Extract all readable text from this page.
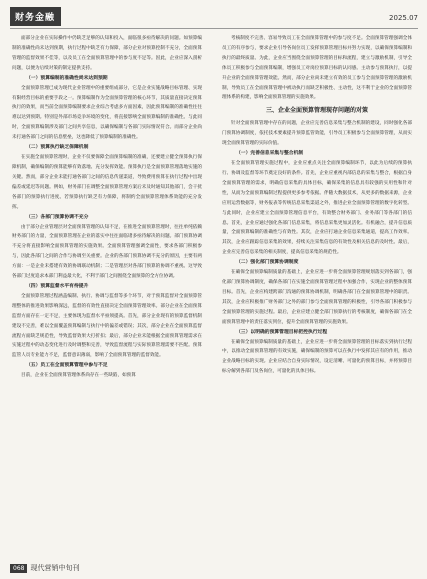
财务金融	2025.07

面部分企业在实际操作中仍缺乏足够的认知和投入，面临很多亟待解决的问题。如预算编制的准确性尚未达到预期，执行过程中缺乏有力保障，部分企业对预算控制不充分，全面预算管理的监督效果不佳等，以及员工在全面预算管理中的参与度不足等。因此，企业应深入剖析问题，以便为后续对策的制定提供支持。

（一）预算编制的准确性尚未达到预期

全面预算管理已成为现代企业管理中的重要组成部分，它是企业实施战略目标管理、实现有限经营目标的重要手段之一。预算编制作为全面预算管理的核心环节，其质量直接决定预算执行的效果，而当前全面预算编制要求企业综合考虑多方面因素，因此预算编制的准确性往往难以达到预期。特别是外部市场竞争环境的变化，将直接影响全面预算编制的准确性。与此同时，全面预算编制涉及部门之间共享信息，以确保编制与各部门实际情况符合。而部分企业尚未打通各部门之间的信息壁垒，这也降低了预算编制的准确性。

（二）预算执行缺乏保障机制

在实施全面预算管理时，企业不仅要保障全面预算编制的准确，还要建立健全预算执行保障机制，确保编制的预算能够有效落地、充分发挥效能。预算执行是全面预算管理落地实施的关键。然而，部分企业未能打通各部门之间的信息传递渠道，导致费用预算在执行过程中出现偏差或延迟等问题。例如，财务部门在调整全面预算管理方案后未及时通知其他部门，会干扰各部门的预算执行进度。若预算执行缺乏有力保障，将制约全面预算管理体系效能的充分发挥。

（三）各部门预算协调不充分

由于部分企业管理层对全面预算管理的认知不足，在推进全面预算管理时，往往单纯依赖财务部门的力量，全面预算管理在企业的落实中往往面临诸多亟待解决的问题。部门预算协调不充分将直接影响全面预算管理的实施效果。全面预算管理强调全面性，要求各部门积极参与，因此各部门之间的合作与协调至关重要。企业的各部门预算协调不充分的原因，主要有两方面：一是企业未搭建有效的协调联动机制；二是管理层对各部门预算的协调不重视。这导致各部门过度追求本部门利益最大化，不利于部门之间围绕全面预算的全方位协调。

（四）预算监督水平有待提升

全面预算管理过程涵盖编制、执行、协调与监督等多个环节，对于预算监督对全面预算管理整体的推进效果影响深远，监督的有效性直接决定全面预算管理效率。部分企业在全面预算监督方面存在一定不足，主要体现为监督水平亟须提高。首先，部分企业现有的预算监督机制建设不完善，难以全面覆盖预算编制与执行中的偏差或错误；其次，部分企业在全面预算监督流程方面缺乏规范性，导致监督效果大打折扣；最后，部分企业未能根据全面预算管理需求在实施过程中的动态变化进行及时调整和完善，导致监督流程与实际预算管理需要不匹配。预算监管人员专业能力不足，监督意识薄弱，影响了全面预算管理的监督效能。

（五）员工在全面预算管理中参与不足

目前，企业在全面预算管理体系尚存在一些缺陷，如预算

考核制度不完善、容易导致员工在全面预算管理中的参与度不足。全面预算管理强调全体员工的有序参与，要求企业引导各岗位员工发挥预算管理目标并努力实现，以确保预算编制和执行的最终质量。为此，企业应当围绕全面预算管理的目标和流程，建立与激励机制，引导全体员工积极参与全面预算编制，增强员工对岗位预算目标的认同感。主动参与预算执行，以提升企业的全面预算管理效能。然而，部分企业尚未建立有效的员工参与全面预算管理的激励机制，导致员工在全面预算管理中被动执行而缺乏积极性、主动性，这不利于企业的全面预算管理体系的构建，影响全面预算管理的实施效果。

三、企业全面预算管理现存问题的对策

针对全面预算管理中存在的问题，企业应完善信息采集与整合机制的建设，同时强化各部门预算协调制度，依托技术要素提升预算监管效能，引导员工积极参与全面预算管理，从而实现全面预算管理的实际价值。

（一）完善信息采集与整合机制

在全面预算管理实施过程中，企业应重点关注全面预算编制环节，以此为后续的预算执行、协调及监督等环节奠定良好的条件。首先，企业应重视内部信息的采集与整合，根据自身全面预算管理的需求，明确信息采集的具体目标，确保采集的信息具有较强的实用性和针对性，从而为全面预算编制过程提供更多参考依据。伴随大数据技术，从更多的数据来源，企业应用运营数据等，财务报表等传统信息采集渠道之外，推进企业全面预算管理的数字化转型。与此同时，企业应建立全面预算管理信息平台，有效整合财务部门、业务部门等各部门的信息。首先，企业应通过强化各部门信息采集，将信息采集更加灵活化。有机融合，提升信息质量，全面预算编制的准确性与有效性。其次，企业应打通企业信息采集通道，提高工作效率。其次，企业应跟踪信息采集的效果，持续关注采集信息的有效性及相关信息的及时性。最后，企业应完善信息采集的相关制度，提高信息采集的规范性。

（二）强化部门预算协调制度

在确保全面预算编制质量的基础上，企业应进一步将全面预算管理规划落实到各部门，强化部门预算协调制度，确保各部门在实施全面预算管理过程中加强合作，实现企业的整体预算目标。首先，企业应构建跨部门沟通的预算协调机制，明确各部门在全面预算管理中的职责。其次，企业应积极推广财务部门之外的部门参与全面预算管理的积极性，引导各部门积极参与全面预算管理的实施过程。最后，企业应建立健全部门预算执行的考核制度，确保各部门在全面预算管理中的责任落实到位，提升全面预算管理的实施效果。

（三）以明确的预算管理目标把控执行过程

在确保全面预算编制质量的基础上，企业应进一步将全面预算管理的目标落实到执行过程中，以推动全面预算管理的有效实施，确保编制的预算可以在执行中发挥其应有的作用，推动企业战略目标的实现。企业应结合自身实际情况，设定清晰、可量化的预算目标，并将预算目标分解到各部门及各岗位，可量化的具体目标。

068 现代营销中旬刊
